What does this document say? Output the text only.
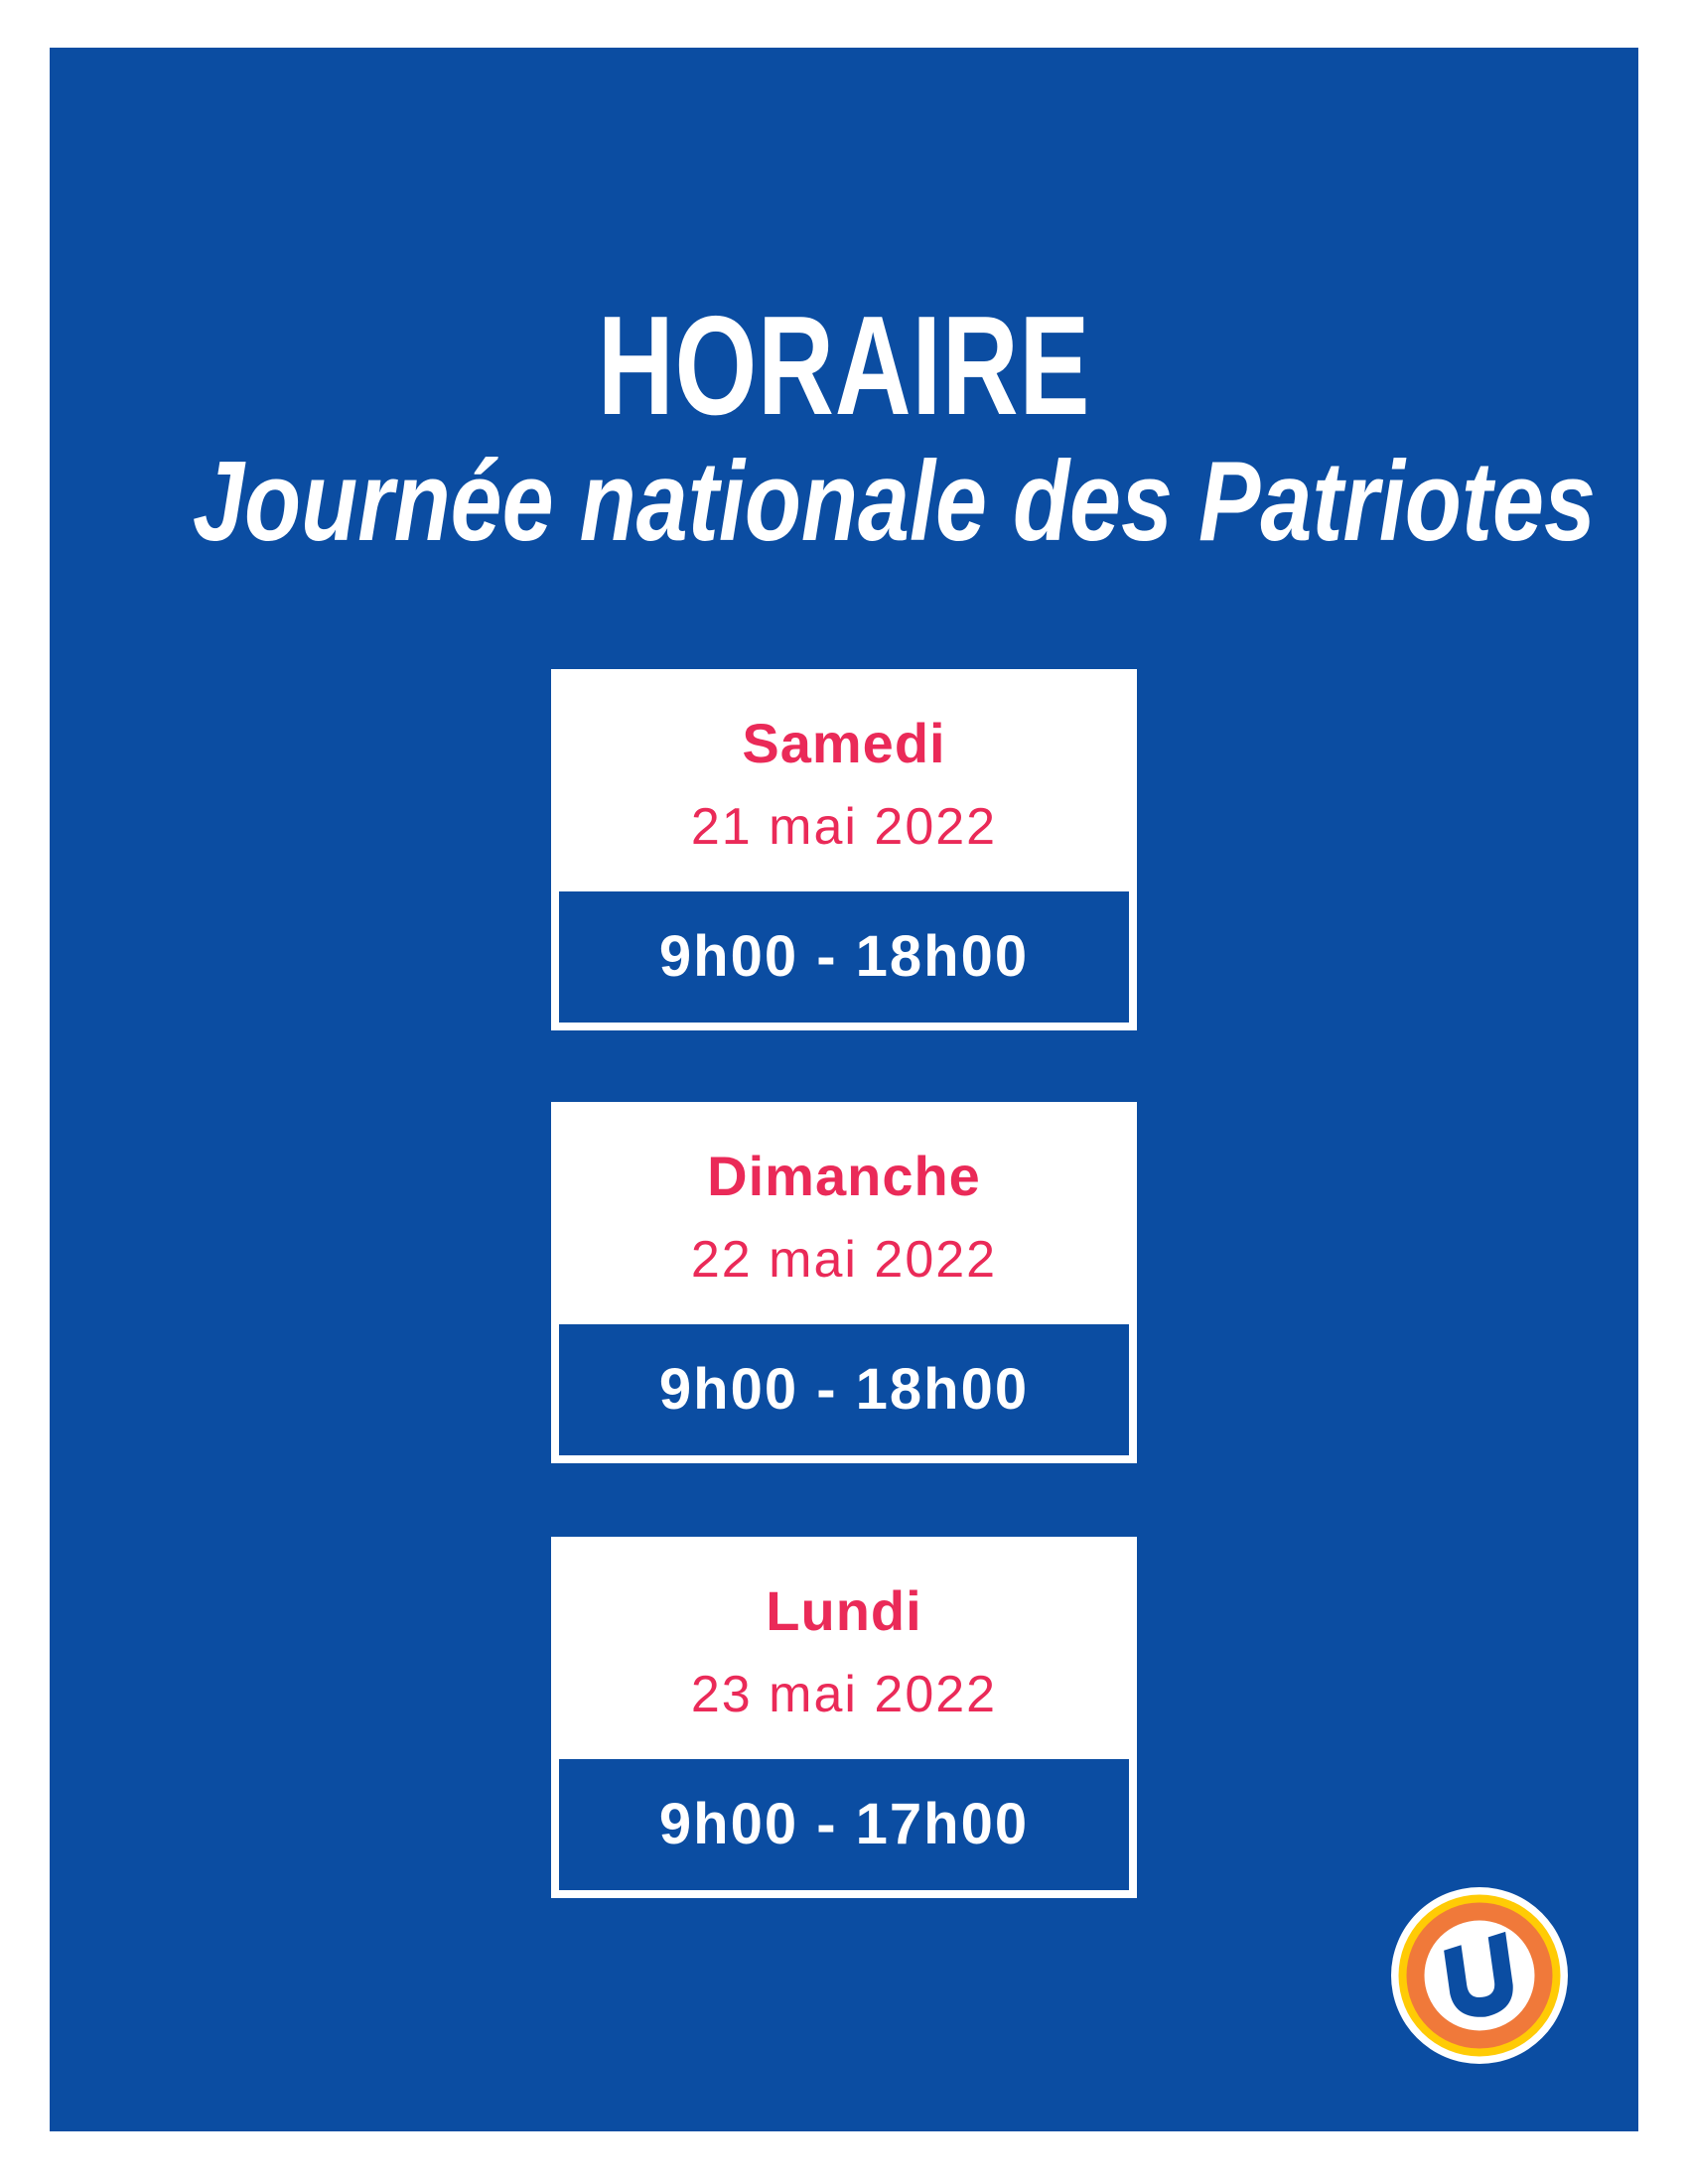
HORAIRE
Journée nationale des Patriotes
Samedi
21 mai 2022
9h00 - 18h00
Dimanche
22 mai 2022
9h00 - 18h00
Lundi
23 mai 2022
9h00 - 17h00
